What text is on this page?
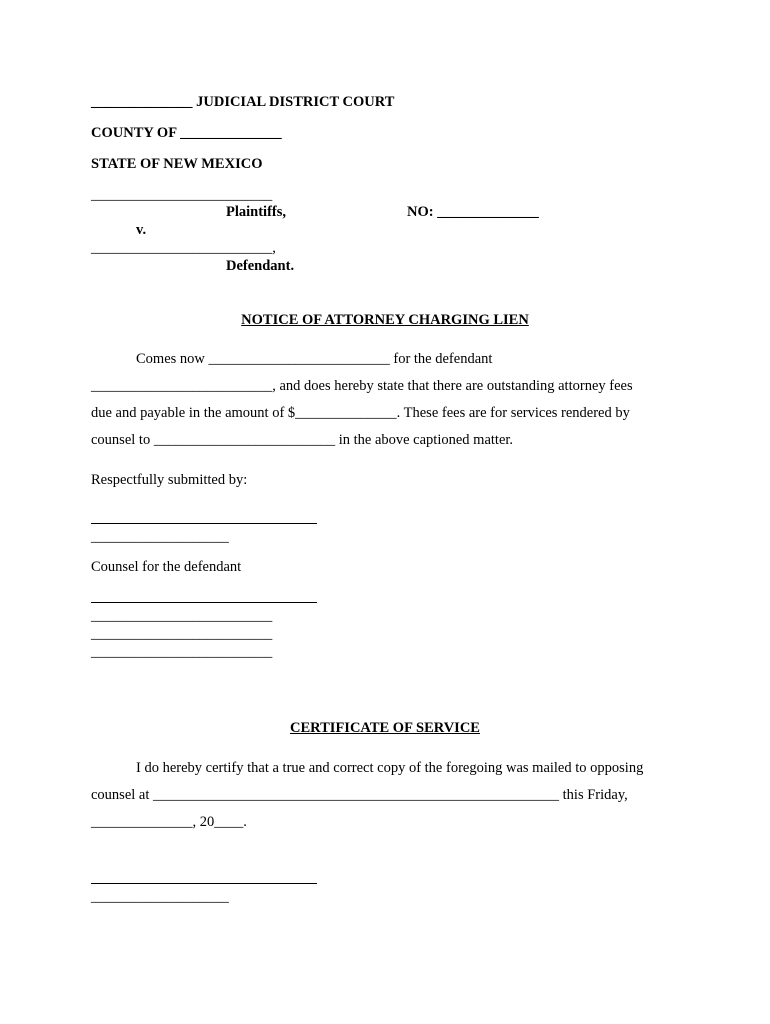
______________ JUDICIAL DISTRICT COURT
COUNTY OF ______________
STATE OF NEW MEXICO
_________________________
Plaintiffs,	NO: ______________
v.
_________________________,
Defendant.
NOTICE OF ATTORNEY CHARGING LIEN
Comes now _________________________ for the defendant
_________________________, and does hereby state that there are outstanding attorney fees
due and payable in the amount of $______________. These fees are for services rendered by
counsel to _________________________ in the above captioned matter.
Respectfully submitted by:
___________________
Counsel for the defendant
_________________________
_________________________
_________________________
CERTIFICATE OF SERVICE
I do hereby certify that a true and correct copy of the foregoing was mailed to opposing
counsel at ________________________________________________________ this Friday,
______________, 20____.
___________________
